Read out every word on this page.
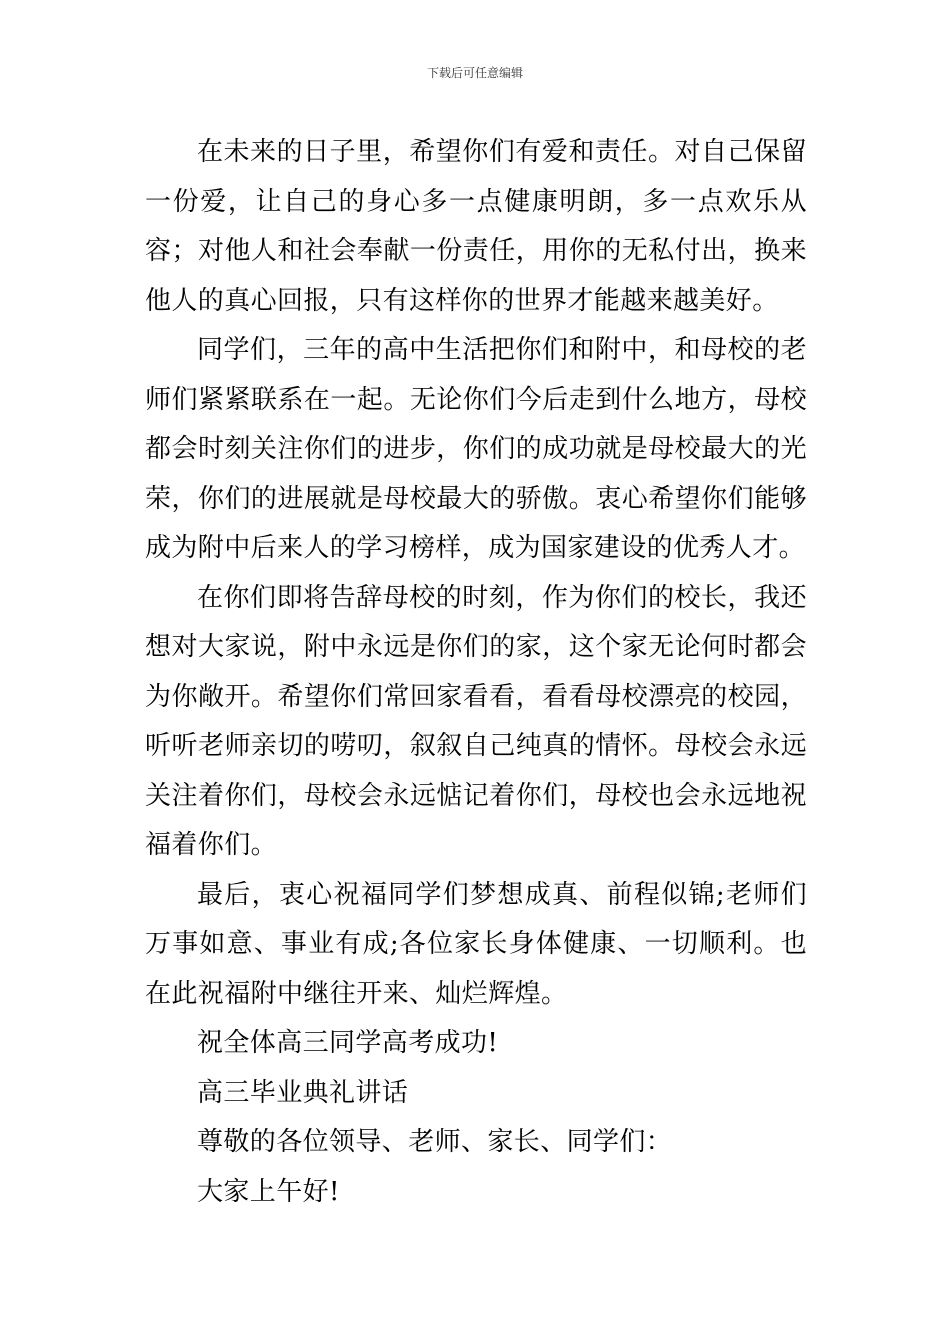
下载后可任意编辑

在未来的日子里，希望你们有爱和责任。对自己保留一份爱，让自己的身心多一点健康明朗，多一点欢乐从容；对他人和社会奉献一份责任，用你的无私付出，换来他人的真心回报，只有这样你的世界才能越来越美好。

同学们，三年的高中生活把你们和附中，和母校的老师们紧紧联系在一起。无论你们今后走到什么地方，母校都会时刻关注你们的进步，你们的成功就是母校最大的光荣，你们的进展就是母校最大的骄傲。衷心希望你们能够成为附中后来人的学习榜样，成为国家建设的优秀人才。

在你们即将告辞母校的时刻，作为你们的校长，我还想对大家说，附中永远是你们的家，这个家无论何时都会为你敞开。希望你们常回家看看，看看母校漂亮的校园，听听老师亲切的唠叨，叙叙自己纯真的情怀。母校会永远关注着你们，母校会永远惦记着你们，母校也会永远地祝福着你们。

最后，衷心祝福同学们梦想成真、前程似锦;老师们万事如意、事业有成;各位家长身体健康、一切顺利。也在此祝福附中继往开来、灿烂辉煌。

祝全体高三同学高考成功!

高三毕业典礼讲话

尊敬的各位领导、老师、家长、同学们：

大家上午好!
